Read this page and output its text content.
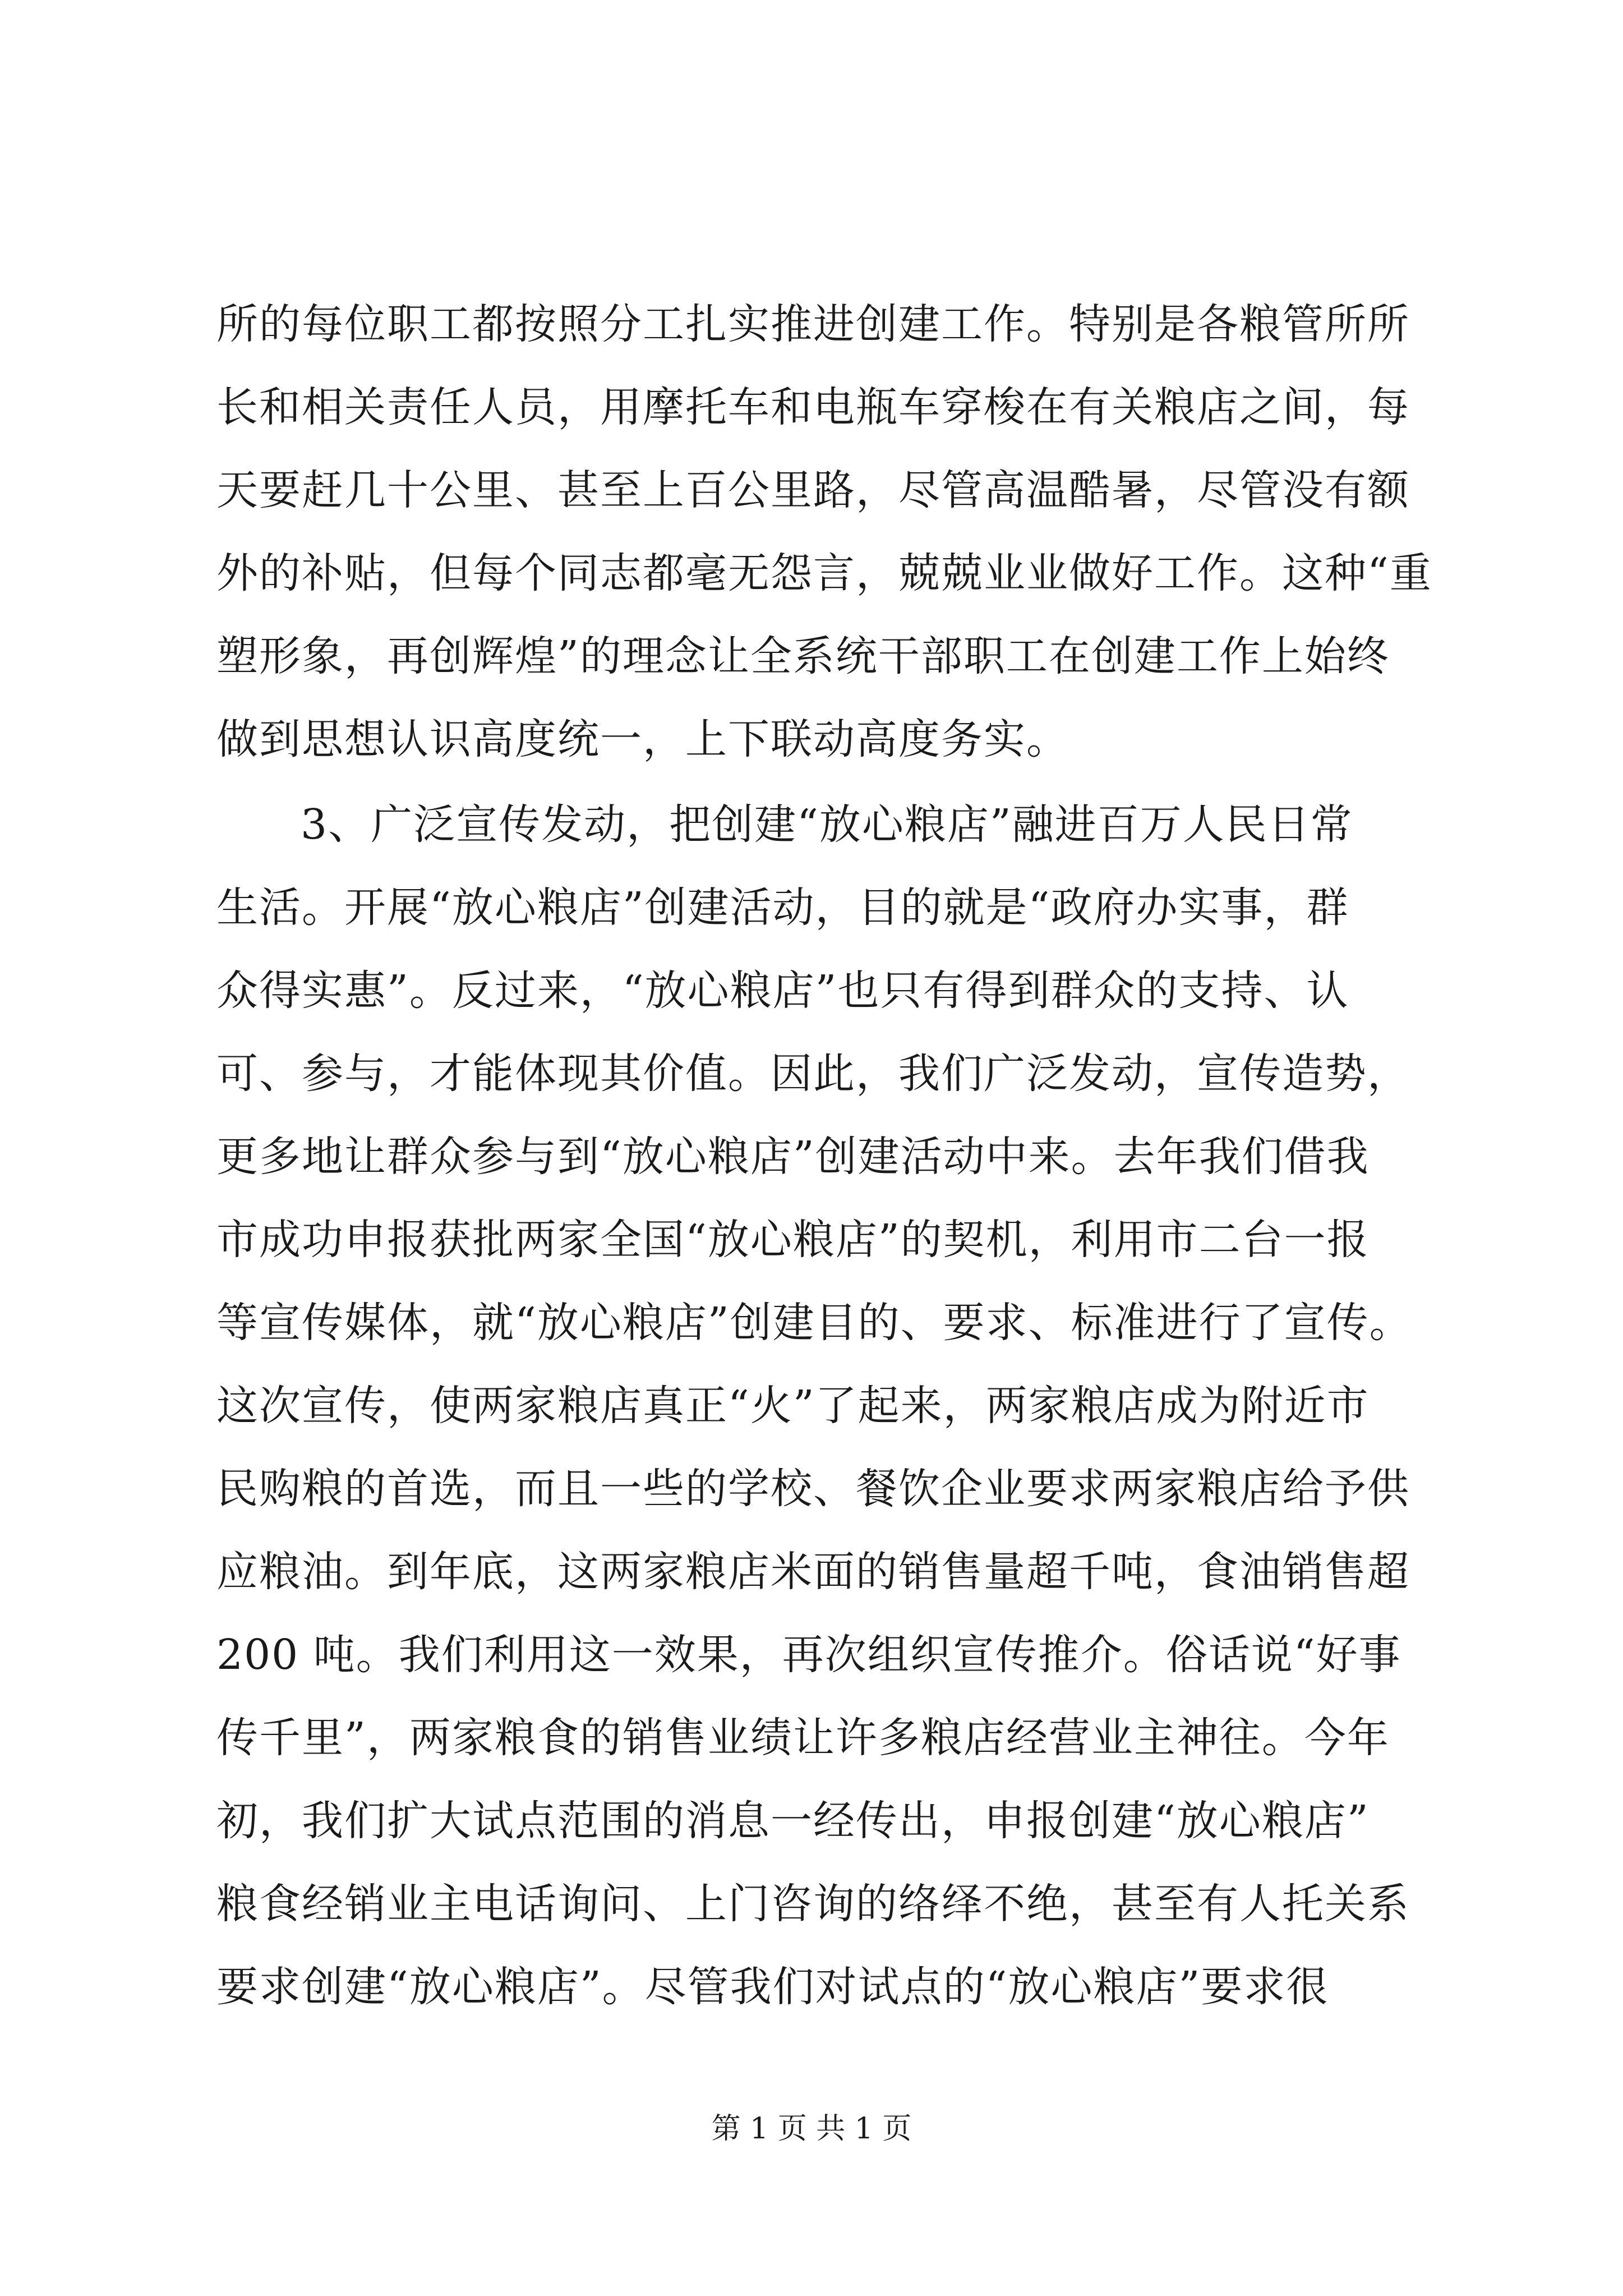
所的每位职工都按照分工扎实推进创建工作。特别是各粮管所所
长和相关责任人员，用摩托车和电瓶车穿梭在有关粮店之间，每
天要赶几十公里、甚至上百公里路，尽管高温酷暑，尽管没有额
外的补贴，但每个同志都毫无怨言，兢兢业业做好工作。这种“重
塑形象，再创辉煌”的理念让全系统干部职工在创建工作上始终
做到思想认识高度统一，上下联动高度务实。
3、广泛宣传发动，把创建“放心粮店”融进百万人民日常
生活。开展“放心粮店”创建活动，目的就是“政府办实事，群
众得实惠”。反过来，“放心粮店”也只有得到群众的支持、认
可、参与，才能体现其价值。因此，我们广泛发动，宣传造势，
更多地让群众参与到“放心粮店”创建活动中来。去年我们借我
市成功申报获批两家全国“放心粮店”的契机，利用市二台一报
等宣传媒体，就“放心粮店”创建目的、要求、标准进行了宣传。
这次宣传，使两家粮店真正“火”了起来，两家粮店成为附近市
民购粮的首选，而且一些的学校、餐饮企业要求两家粮店给予供
应粮油。到年底，这两家粮店米面的销售量超千吨，食油销售超
200 吨。我们利用这一效果，再次组织宣传推介。俗话说“好事
传千里”，两家粮食的销售业绩让许多粮店经营业主神往。今年
初，我们扩大试点范围的消息一经传出，申报创建“放心粮店”
粮食经销业主电话询问、上门咨询的络绎不绝，甚至有人托关系
要求创建“放心粮店”。尽管我们对试点的“放心粮店”要求很
第 1 页 共 1 页
